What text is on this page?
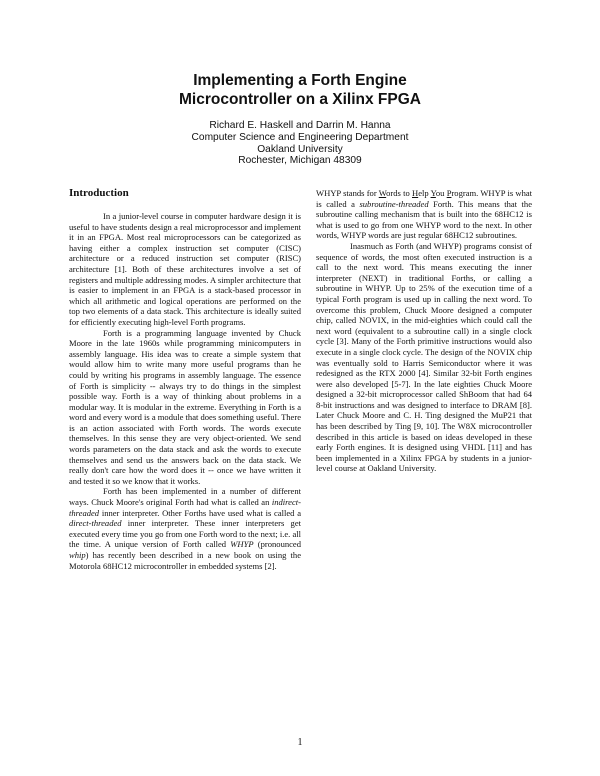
Implementing a Forth Engine
Microcontroller on a Xilinx FPGA
Richard E. Haskell and Darrin M. Hanna
Computer Science and Engineering Department
Oakland University
Rochester, Michigan 48309
Introduction

In a junior-level course in computer hardware design it is useful to have students design a real microprocessor and implement it in an FPGA. Most real microprocessors can be categorized as having either a complex instruction set computer (CISC) architecture or a reduced instruction set computer (RISC) architecture [1]. Both of these architectures involve a set of registers and multiple addressing modes. A simpler architecture that is easier to implement in an FPGA is a stack-based processor in which all arithmetic and logical operations are performed on the top two elements of a data stack. This architecture is ideally suited for efficiently executing high-level Forth programs.

Forth is a programming language invented by Chuck Moore in the late 1960s while programming minicomputers in assembly language. His idea was to create a simple system that would allow him to write many more useful programs than he could by writing his programs in assembly language. The essence of Forth is simplicity -- always try to do things in the simplest possible way. Forth is a way of thinking about problems in a modular way. It is modular in the extreme. Everything in Forth is a word and every word is a module that does something useful. There is an action associated with Forth words. The words execute themselves. In this sense they are very object-oriented. We send words parameters on the data stack and ask the words to execute themselves and send us the answers back on the data stack. We really don't care how the word does it -- once we have written it and tested it so we know that it works.

Forth has been implemented in a number of different ways. Chuck Moore's original Forth had what is called an indirect-threaded inner interpreter. Other Forths have used what is called a direct-threaded inner interpreter. These inner interpreters get executed every time you go from one Forth word to the next; i.e. all the time. A unique version of Forth called WHYP (pronounced whip) has recently been described in a new book on using the Motorola 68HC12 microcontroller in embedded systems [2].

WHYP stands for Words to Help You Program. WHYP is what is called a subroutine-threaded Forth. This means that the subroutine calling mechanism that is built into the 68HC12 is what is used to go from one WHYP word to the next. In other words, WHYP words are just regular 68HC12 subroutines.

Inasmuch as Forth (and WHYP) programs consist of sequence of words, the most often executed instruction is a call to the next word. This means executing the inner interpreter (NEXT) in traditional Forths, or calling a subroutine in WHYP. Up to 25% of the execution time of a typical Forth program is used up in calling the next word. To overcome this problem, Chuck Moore designed a computer chip, called NOVIX, in the mid-eighties which could call the next word (equivalent to a subroutine call) in a single clock cycle [3]. Many of the Forth primitive instructions would also execute in a single clock cycle. The design of the NOVIX chip was eventually sold to Harris Semiconductor where it was redesigned as the RTX 2000 [4]. Similar 32-bit Forth engines were also developed [5-7]. In the late eighties Chuck Moore designed a 32-bit microprocessor called ShBoom that had 64 8-bit instructions and was designed to interface to DRAM [8]. Later Chuck Moore and C. H. Ting designed the MuP21 that has been described by Ting [9, 10]. The W8X microcontroller described in this article is based on ideas developed in these early Forth engines. It is designed using VHDL [11] and has been implemented in a Xilinx FPGA by students in a junior-level course at Oakland University.

1
